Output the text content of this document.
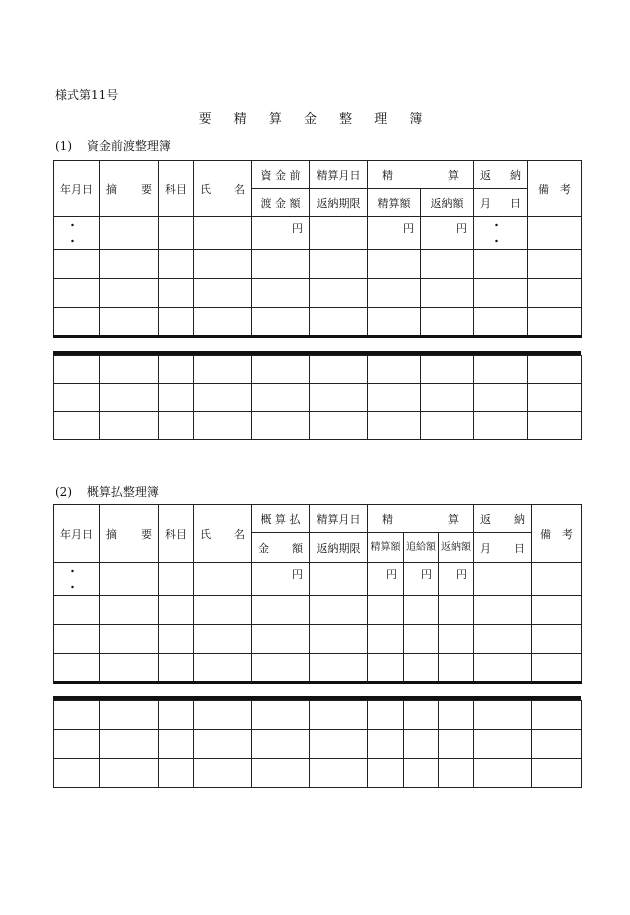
様式第11号
要 精 算 金 整 理 簿
(1) 資金前渡整理簿
年月日	摘 要	科目	氏 名	資 金 前	精算月日	精 算		返 納	備 考

				渡 金 額	返納期限	精算額	返納額	月 日	

・ ・				円		円	円	・ ・	

(2) 概算払整理簿
年月日	摘 要	科目	氏 名	概 算 払	精算月日	精 算			返 納	備 考

				金 額	返納期限	精算額	追給額	返納額	月 日	

・ ・				円		円	円	円		
